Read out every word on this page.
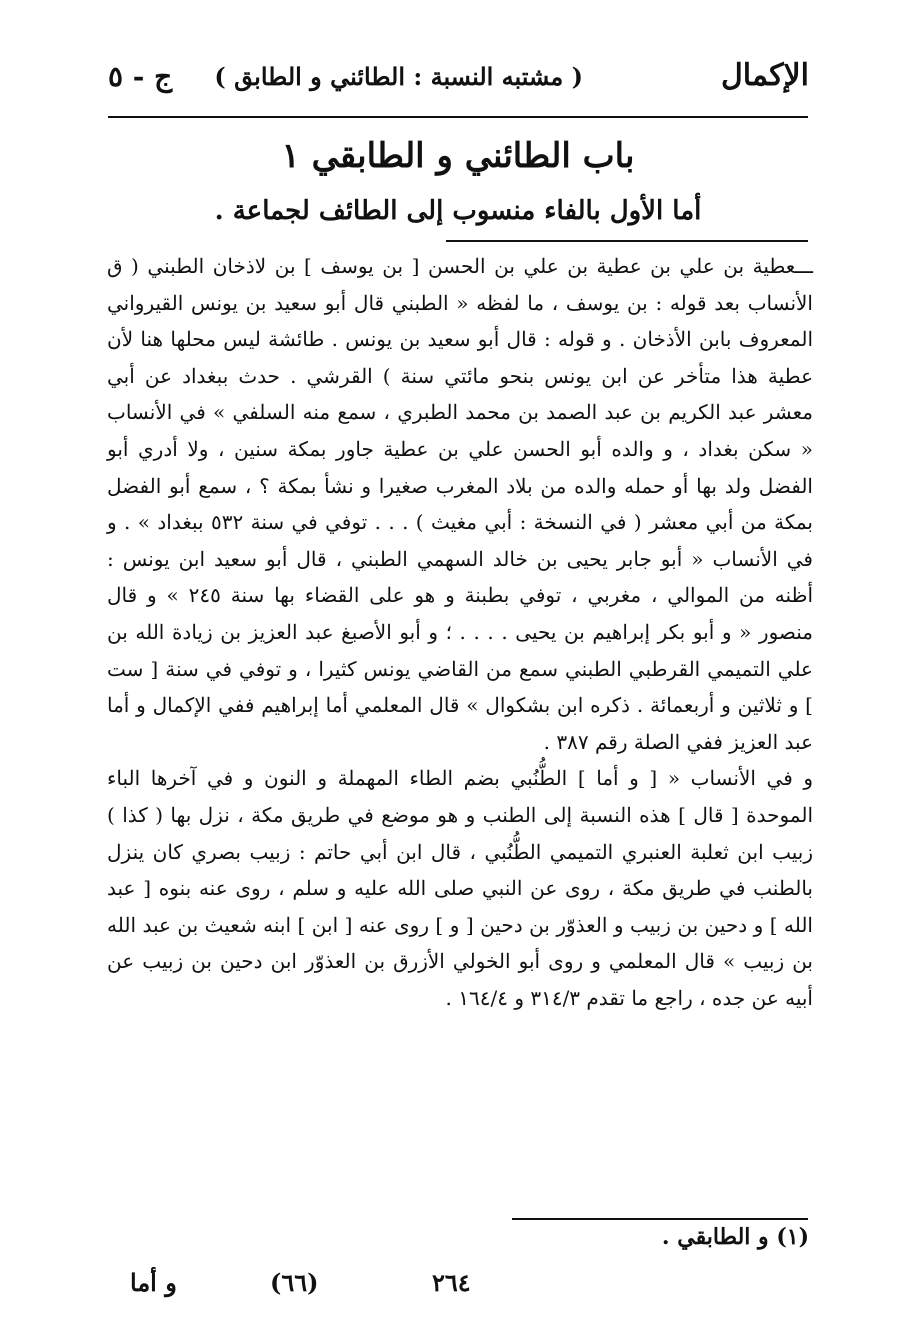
الإكمال
( مشتبه النسبة : الطائني و الطابق )
ج - ٥
باب الطائني و الطابقي ١
أما الأول بالفاء منسوب إلى الطائف لجماعة .

ـــعطية بن علي بن عطية بن علي بن الحسن [ بن يوسف ] بن لاذخان الطبني ( ق الأنساب بعد قوله : بن يوسف ، ما لفظه « الطبني قال أبو سعيد بن يونس القيرواني المعروف بابن الأذخان . و قوله : قال أبو سعيد بن يونس . طائشة ليس محلها هنا لأن عطية هذا متأخر عن ابن يونس بنحو مائتي سنة ) القرشي . حدث ببغداد عن أبي معشر عبد الكريم بن عبد الصمد بن محمد الطبري ، سمع منه السلفي » في الأنساب « سكن بغداد ، و والده أبو الحسن علي بن عطية جاور بمكة سنين ، ولا أدري أبو الفضل ولد بها أو حمله والده من بلاد المغرب صغيرا و نشأ بمكة ؟ ، سمع أبو الفضل بمكة من أبي معشر ( في النسخة : أبي مغيث ) . . . توفي في سنة ٥٣٢ ببغداد » . و في الأنساب « أبو جابر يحيى بن خالد السهمي الطبني ، قال أبو سعيد ابن يونس : أظنه من الموالي ، مغربي ، توفي بطبنة و هو على القضاء بها سنة ٢٤٥ » و قال منصور « و أبو بكر إبراهيم بن يحيى . . . . ؛ و أبو الأصبغ عبد العزيز بن زيادة الله بن علي التميمي القرطبي الطبني سمع من القاضي يونس كثيرا ، و توفي في سنة [ ست ] و ثلاثين و أربعمائة . ذكره ابن بشكوال » قال المعلمي أما إبراهيم ففي الإكمال و أما عبد العزيز ففي الصلة رقم ٣٨٧ .

و في الأنساب « [ و أما ] الطُّنُبي بضم الطاء المهملة و النون و في آخرها الباء الموحدة [ قال ] هذه النسبة إلى الطنب و هو موضع في طريق مكة ، نزل بها ( كذا ) زبيب ابن ثعلبة العنبري التميمي الطُّنُبي ، قال ابن أبي حاتم : زبيب بصري كان ينزل بالطنب في طريق مكة ، روى عن النبي صلى الله عليه و سلم ، روى عنه بنوه [ عبد الله ] و دحين بن زبيب و العذوّر بن دحين [ و ] روى عنه [ ابن ] ابنه شعيث بن عبد الله بن زبيب » قال المعلمي و روى أبو الخولي الأزرق بن العذوّر ابن دحين بن زبيب عن أبيه عن جده ، راجع ما تقدم ٣١٤/٣ و ١٦٤/٤ .

(١) و الطابقي .
٢٦٤
(٦٦)
و أما
